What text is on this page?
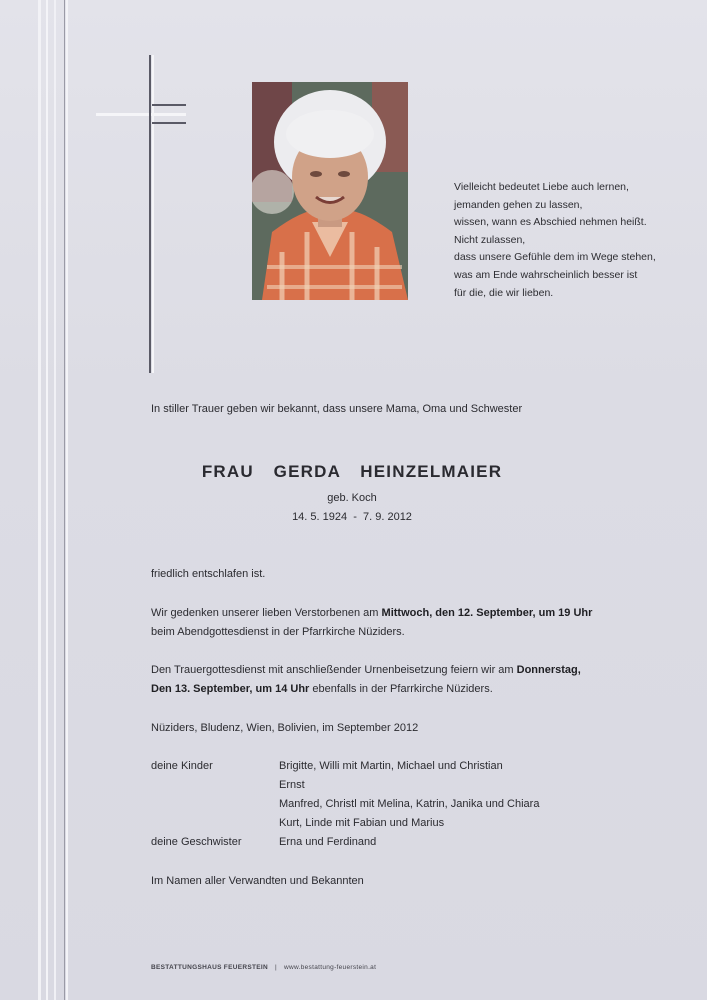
Vielleicht bedeutet Liebe auch lernen,
jemanden gehen zu lassen,
wissen, wann es Abschied nehmen heißt.
Nicht zulassen,
dass unsere Gefühle dem im Wege stehen,
was am Ende wahrscheinlich besser ist
für die, die wir lieben.
In stiller Trauer geben wir bekannt, dass unsere Mama, Oma und Schwester
FRAU  GERDA  HEINZELMAIER
geb. Koch
14. 5. 1924  -  7. 9. 2012
friedlich entschlafen ist.
Wir gedenken unserer lieben Verstorbenen am Mittwoch, den 12. September, um 19 Uhr
beim Abendgottesdienst in der Pfarrkirche Nüziders.
Den Trauergottesdienst mit anschließender Urnenbeisetzung feiern wir am Donnerstag,
Den 13. September, um 14 Uhr ebenfalls in der Pfarrkirche Nüziders.
Nüziders, Bludenz, Wien, Bolivien, im September 2012
deine Kinder	Brigitte, Willi mit Martin, Michael und Christian
Ernst
Manfred, Christl mit Melina, Katrin, Janika und Chiara
Kurt, Linde mit Fabian und Marius
deine Geschwister	Erna und Ferdinand
Im Namen aller Verwandten und Bekannten
BESTATTUNGSHAUS FEUERSTEIN | www.bestattung-feuerstein.at
